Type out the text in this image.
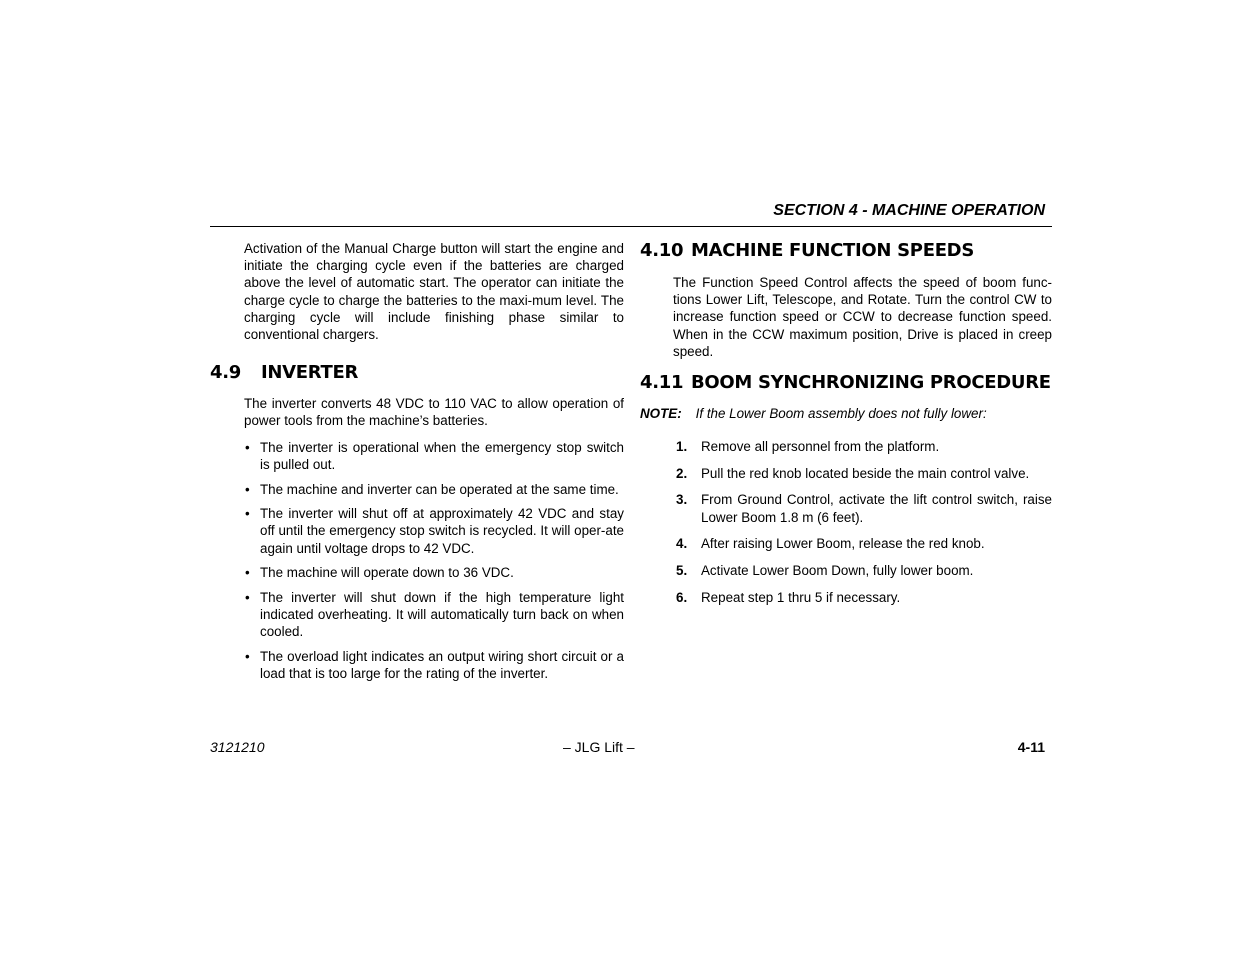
SECTION 4 - MACHINE OPERATION

Activation of the Manual Charge button will start the engine and initiate the charging cycle even if the batteries are charged above the level of automatic start. The operator can initiate the charge cycle to charge the batteries to the maxi-mum level. The charging cycle will include finishing phase similar to conventional chargers.

4.9 INVERTER

The inverter converts 48 VDC to 110 VAC to allow operation of power tools from the machine’s batteries.

• The inverter is operational when the emergency stop switch is pulled out.
• The machine and inverter can be operated at the same time.
• The inverter will shut off at approximately 42 VDC and stay off until the emergency stop switch is recycled. It will oper-ate again until voltage drops to 42 VDC.
• The machine will operate down to 36 VDC.
• The inverter will shut down if the high temperature light indicated overheating. It will automatically turn back on when cooled.
• The overload light indicates an output wiring short circuit or a load that is too large for the rating of the inverter.
4.10 MACHINE FUNCTION SPEEDS

The Function Speed Control affects the speed of boom func-tions Lower Lift, Telescope, and Rotate. Turn the control CW to increase function speed or CCW to decrease function speed. When in the CCW maximum position, Drive is placed in creep speed.

4.11 BOOM SYNCHRONIZING PROCEDURE

NOTE: If the Lower Boom assembly does not fully lower:

1. Remove all personnel from the platform.
2. Pull the red knob located beside the main control valve.
3. From Ground Control, activate the lift control switch, raise Lower Boom 1.8 m (6 feet).
4. After raising Lower Boom, release the red knob.
5. Activate Lower Boom Down, fully lower boom.
6. Repeat step 1 thru 5 if necessary.
3121210	– JLG Lift –	4-11
